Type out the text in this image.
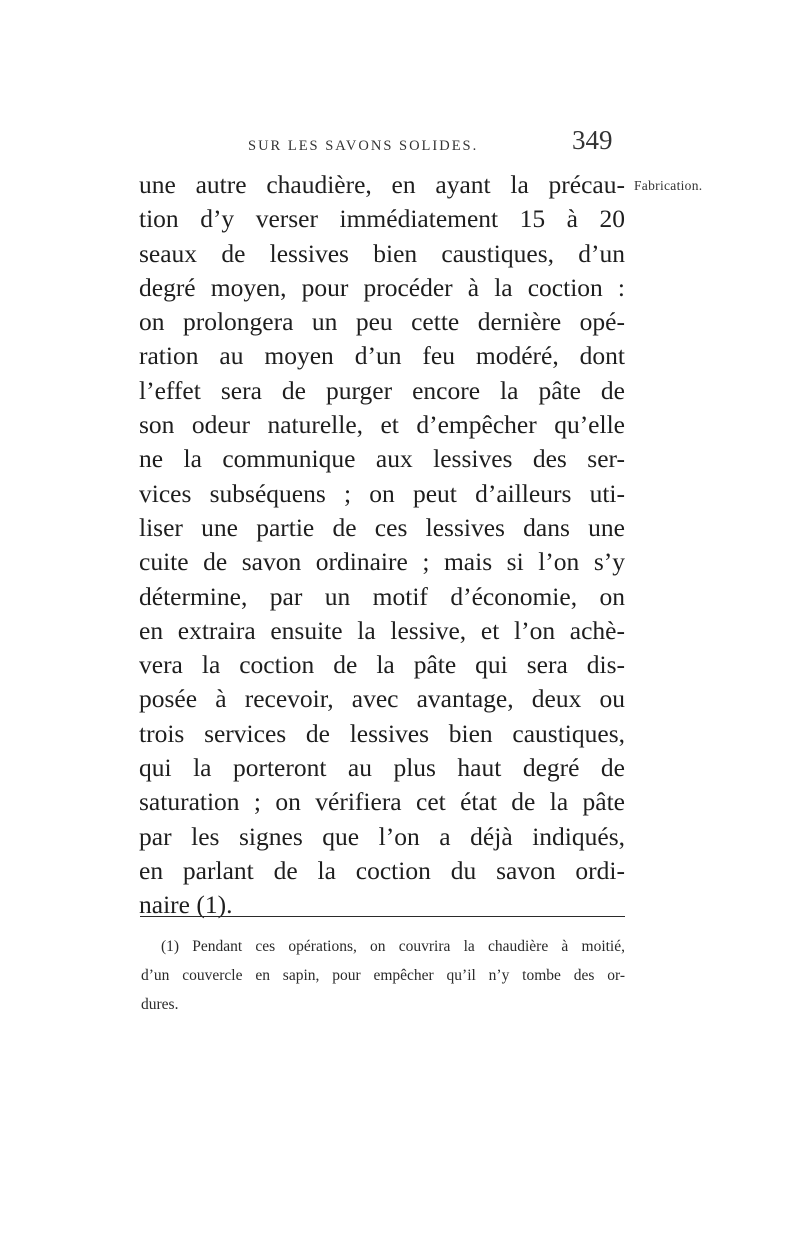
SUR LES SAVONS SOLIDES.	349
Fabrication.
une autre chaudière, en ayant la précau-
tion d’y verser immédiatement 15 à 20
seaux de lessives bien caustiques, d’un
degré moyen, pour procéder à la coction :
on prolongera un peu cette dernière opé-
ration au moyen d’un feu modéré, dont
l’effet sera de purger encore la pâte de
son odeur naturelle, et d’empêcher qu’elle
ne la communique aux lessives des ser-
vices subséquens ; on peut d’ailleurs uti-
liser une partie de ces lessives dans une
cuite de savon ordinaire ; mais si l’on s’y
détermine, par un motif d’économie, on
en extraira ensuite la lessive, et l’on achè-
vera la coction de la pâte qui sera dis-
posée à recevoir, avec avantage, deux ou
trois services de lessives bien caustiques,
qui la porteront au plus haut degré de
saturation ; on vérifiera cet état de la pâte
par les signes que l’on a déjà indiqués,
en parlant de la coction du savon ordi-
naire (1).
(1) Pendant ces opérations, on couvrira la chaudière à moitié,
d’un couvercle en sapin, pour empêcher qu’il n’y tombe des or-
dures.
